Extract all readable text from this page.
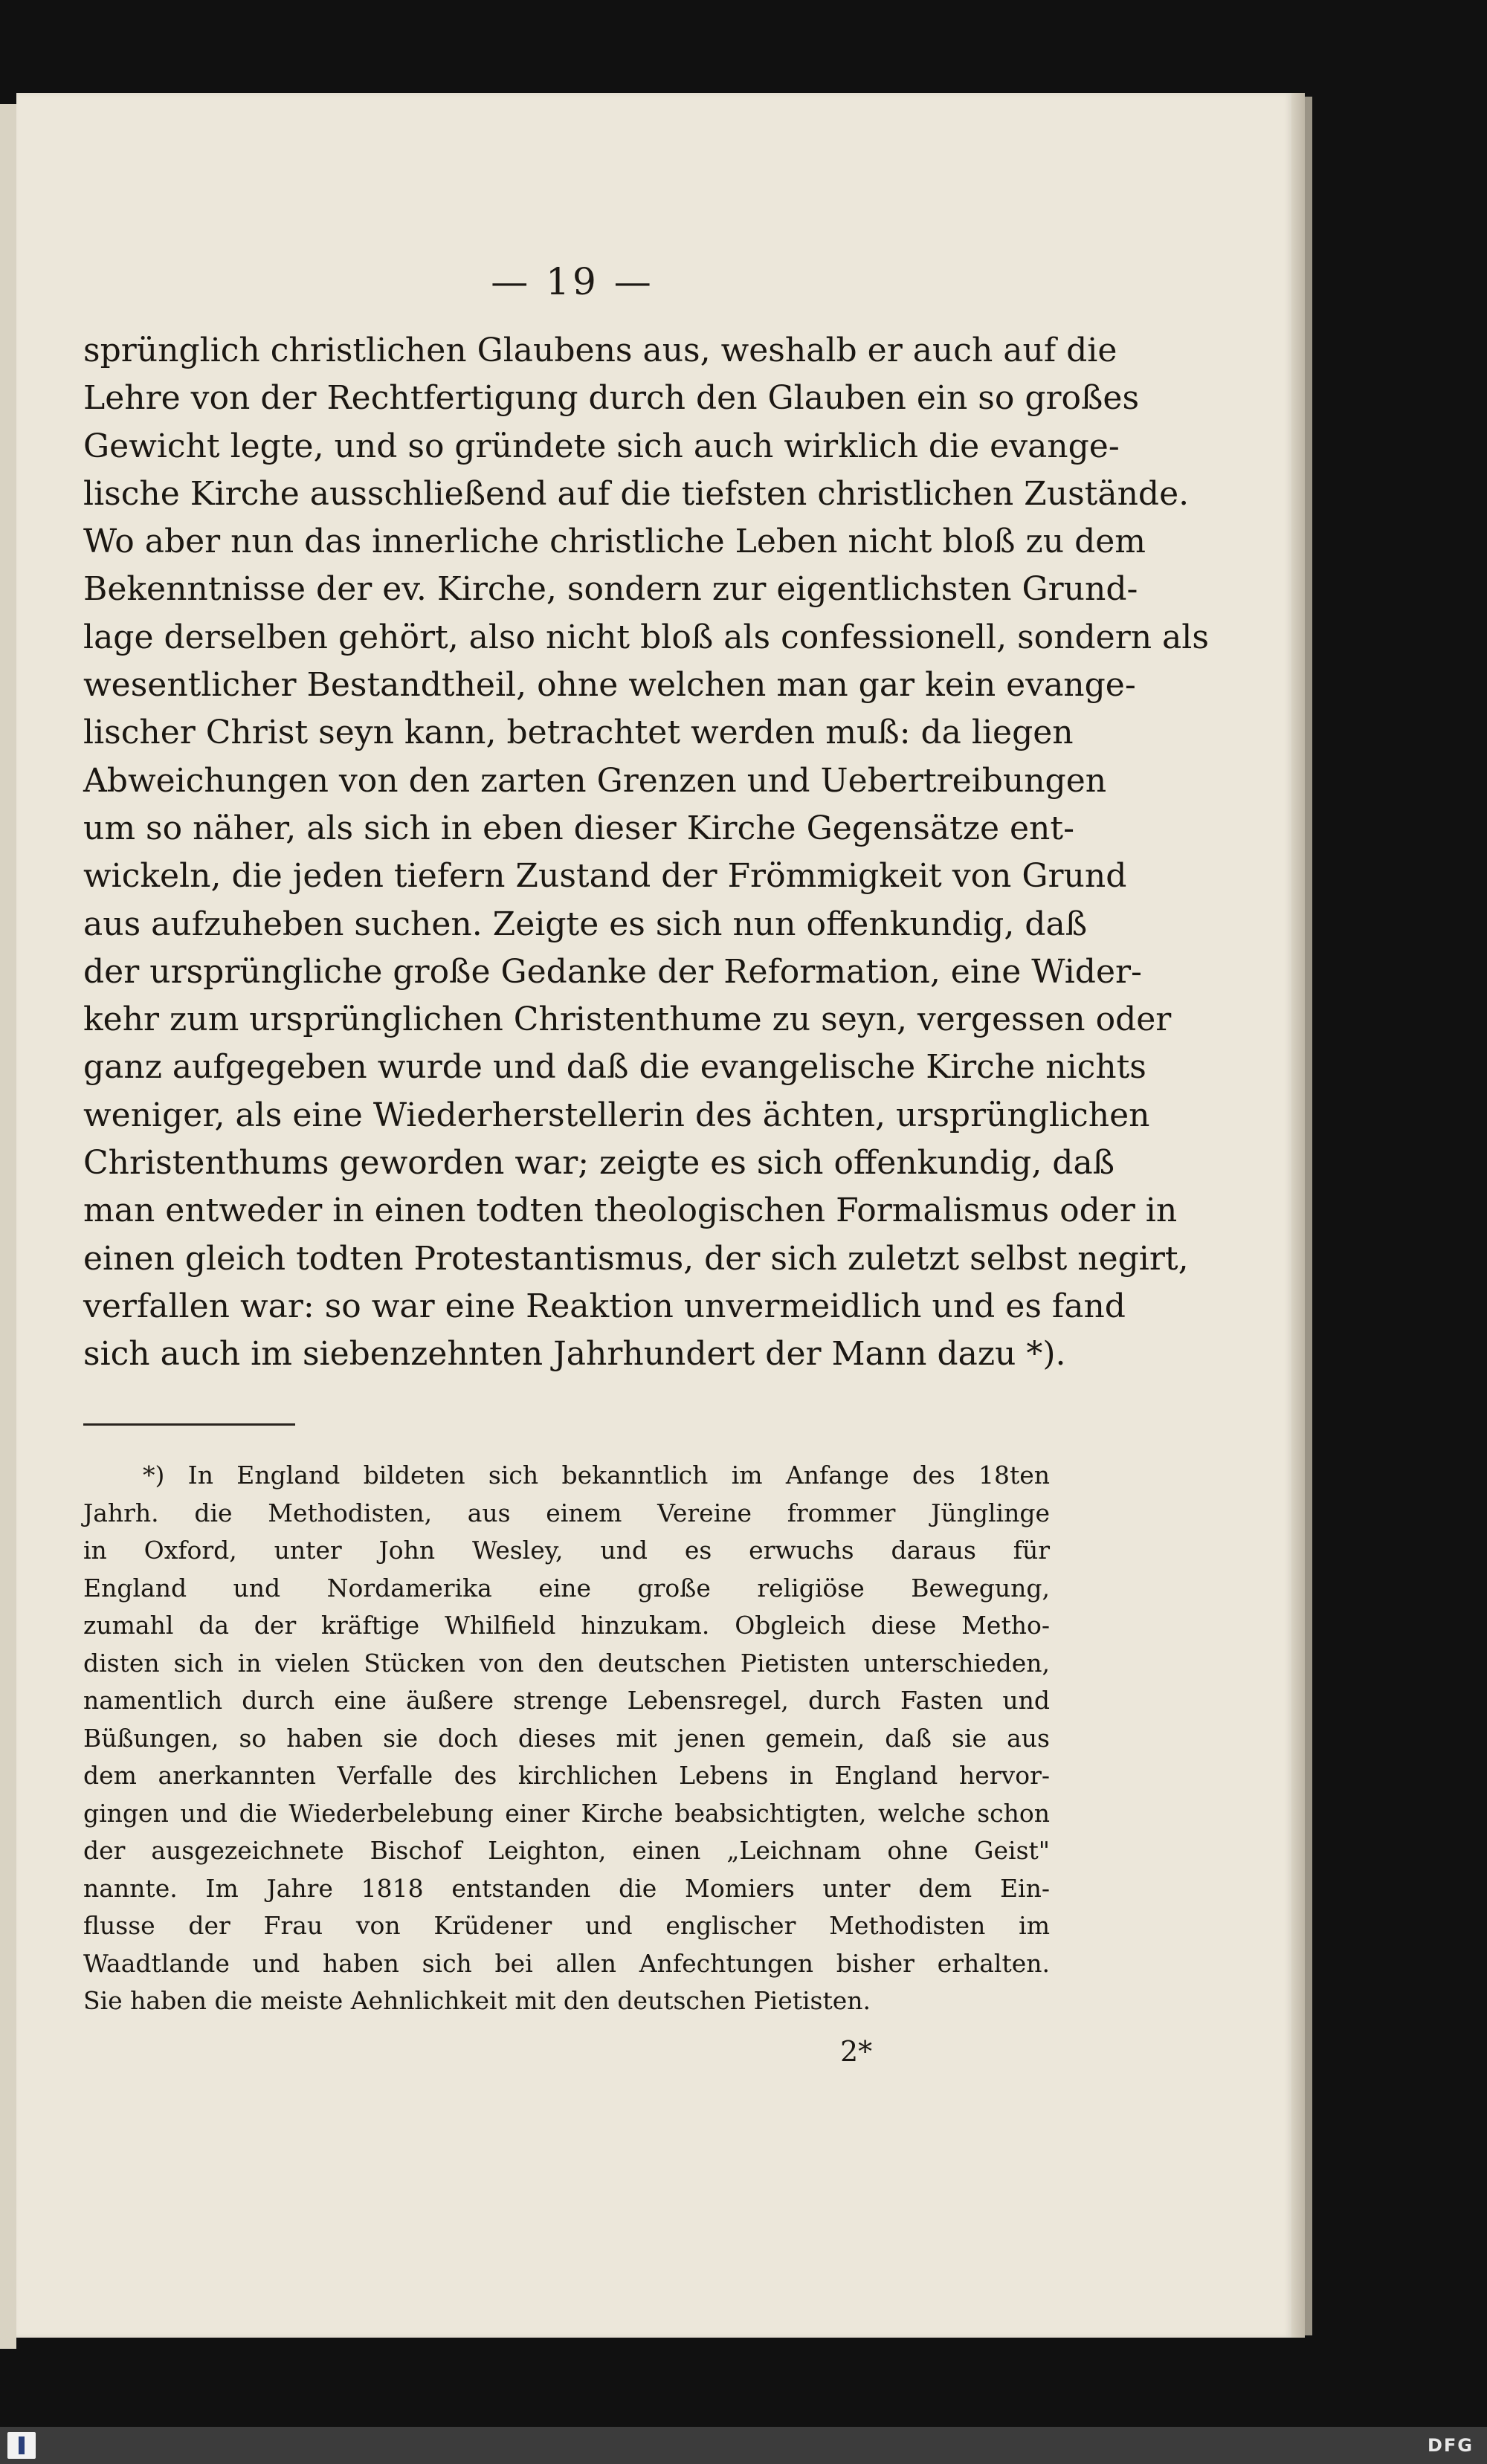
— 19 —
sprünglich christlichen Glaubens aus, weshalb er auch auf die
Lehre von der Rechtfertigung durch den Glauben ein so großes
Gewicht legte, und so gründete sich auch wirklich die evange-
lische Kirche ausschließend auf die tiefsten christlichen Zustände.
Wo aber nun das innerliche christliche Leben nicht bloß zu dem
Bekenntnisse der ev. Kirche, sondern zur eigentlichsten Grund-
lage derselben gehört, also nicht bloß als confessionell, sondern als
wesentlicher Bestandtheil, ohne welchen man gar kein evange-
lischer Christ seyn kann, betrachtet werden muß: da liegen
Abweichungen von den zarten Grenzen und Uebertreibungen
um so näher, als sich in eben dieser Kirche Gegensätze ent-
wickeln, die jeden tiefern Zustand der Frömmigkeit von Grund
aus aufzuheben suchen. Zeigte es sich nun offenkundig, daß
der ursprüngliche große Gedanke der Reformation, eine Wider-
kehr zum ursprünglichen Christenthume zu seyn, vergessen oder
ganz aufgegeben wurde und daß die evangelische Kirche nichts
weniger, als eine Wiederherstellerin des ächten, ursprünglichen
Christenthums geworden war; zeigte es sich offenkundig, daß
man entweder in einen todten theologischen Formalismus oder in
einen gleich todten Protestantismus, der sich zuletzt selbst negirt,
verfallen war: so war eine Reaktion unvermeidlich und es fand
sich auch im siebenzehnten Jahrhundert der Mann dazu *).
*) In England bildeten sich bekanntlich im Anfange des 18ten
Jahrh. die Methodisten, aus einem Vereine frommer Jünglinge
in Oxford, unter John Wesley, und es erwuchs daraus für
England und Nordamerika eine große religiöse Bewegung,
zumahl da der kräftige Whilfield hinzukam. Obgleich diese Metho-
disten sich in vielen Stücken von den deutschen Pietisten unterschieden,
namentlich durch eine äußere strenge Lebensregel, durch Fasten und
Büßungen, so haben sie doch dieses mit jenen gemein, daß sie aus
dem anerkannten Verfalle des kirchlichen Lebens in England hervor-
gingen und die Wiederbelebung einer Kirche beabsichtigten, welche schon
der ausgezeichnete Bischof Leighton, einen „Leichnam ohne Geist"
nannte. Im Jahre 1818 entstanden die Momiers unter dem Ein-
flusse der Frau von Krüdener und englischer Methodisten im
Waadtlande und haben sich bei allen Anfechtungen bisher erhalten.
Sie haben die meiste Aehnlichkeit mit den deutschen Pietisten.
2*
DFG
